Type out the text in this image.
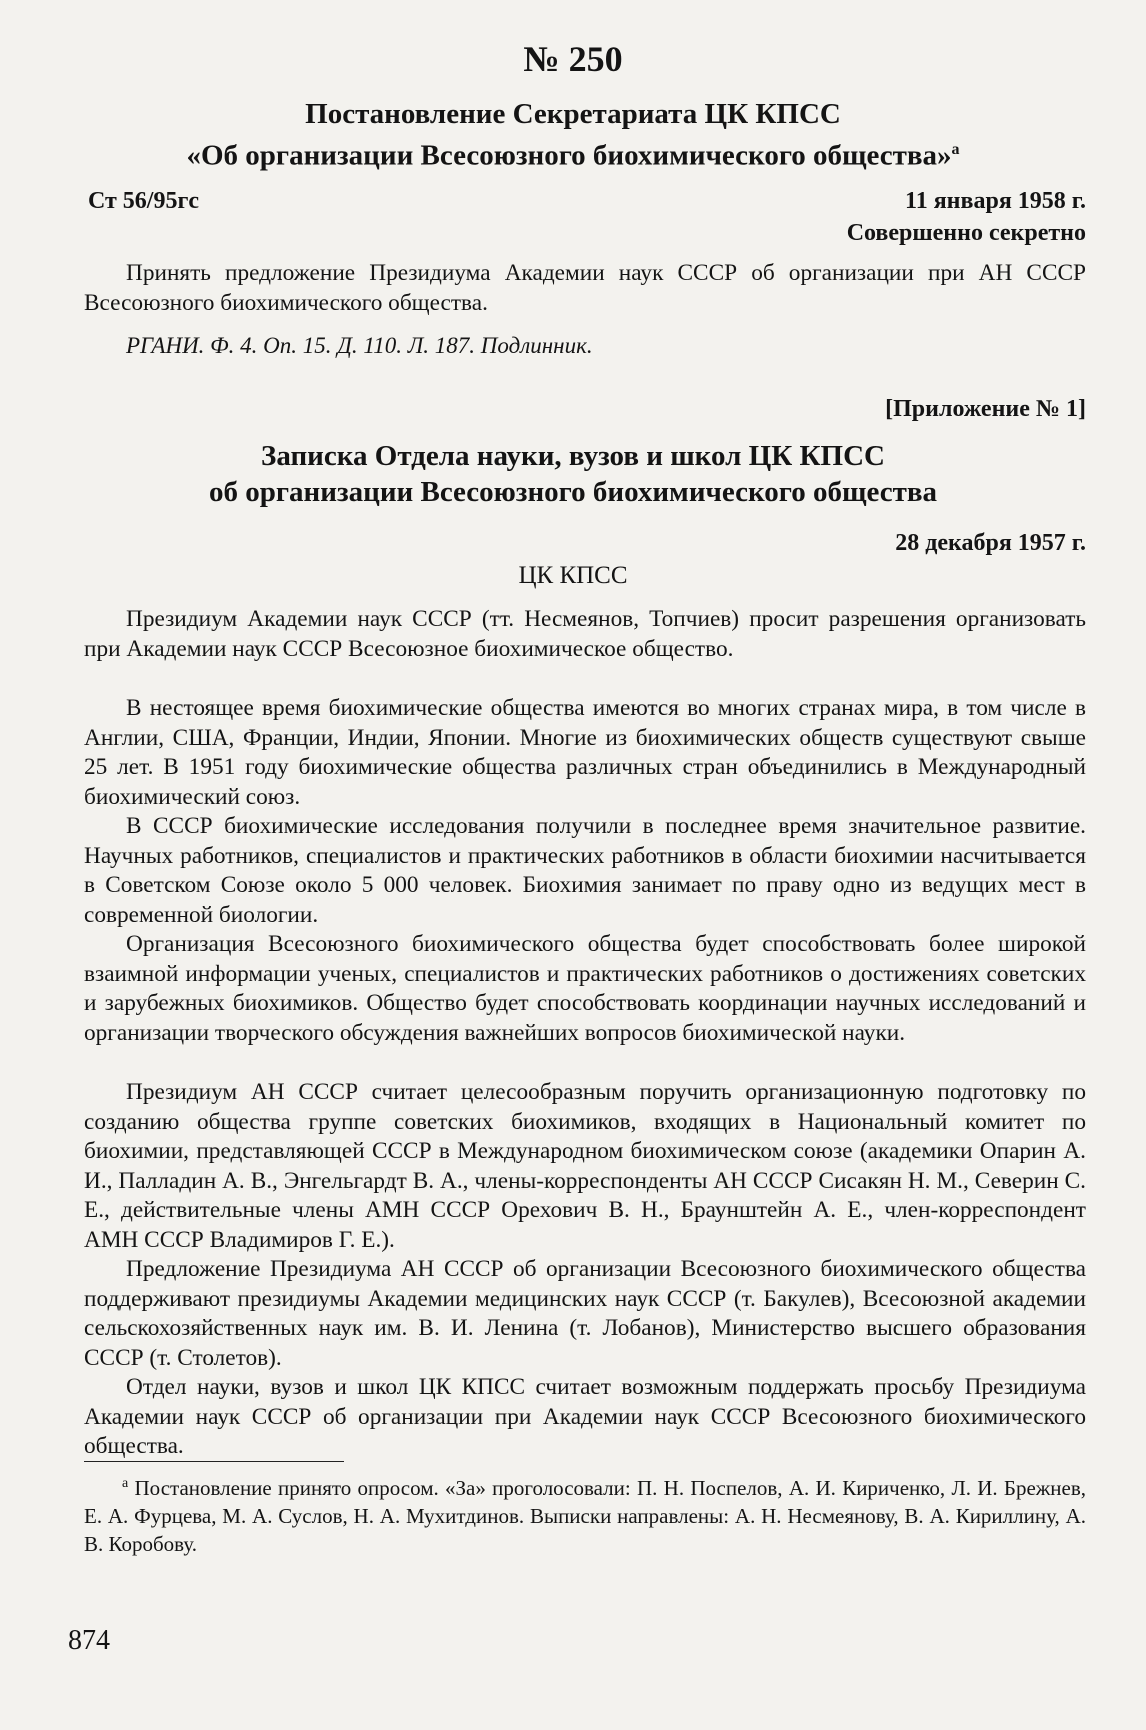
№ 250
Постановление Секретариата ЦК КПСС
«Об организации Всесоюзного биохимического общества»$^а$
Ст 56/95гс	11 января 1958 г.
Совершенно секретно

Принять предложение Президиума Академии наук СССР об организации при АН СССР Всесоюзного биохимического общества.

РГАНИ. Ф. 4. Оп. 15. Д. 110. Л. 187. Подлинник.
[Приложение № 1]
Записка Отдела науки, вузов и школ ЦК КПСС
об организации Всесоюзного биохимического общества
28 декабря 1957 г.
ЦК КПСС

Президиум Академии наук СССР (тт. Несмеянов, Топчиев) просит разрешения организовать при Академии наук СССР Всесоюзное биохимическое общество.

В нестоящее время биохимические общества имеются во многих странах мира, в том числе в Англии, США, Франции, Индии, Японии. Многие из биохимических обществ существуют свыше 25 лет. В 1951 году биохимические общества различных стран объединились в Международный биохимический союз.

В СССР биохимические исследования получили в последнее время значительное развитие. Научных работников, специалистов и практических работников в области биохимии насчитывается в Советском Союзе около 5 000 человек. Биохимия занимает по праву одно из ведущих мест в современной биологии.

Организация Всесоюзного биохимического общества будет способствовать более широкой взаимной информации ученых, специалистов и практических работников о достижениях советских и зарубежных биохимиков. Общество будет способствовать координации научных исследований и организации творческого обсуждения важнейших вопросов биохимической науки.

Президиум АН СССР считает целесообразным поручить организационную подготовку по созданию общества группе советских биохимиков, входящих в Национальный комитет по биохимии, представляющей СССР в Международном биохимическом союзе (академики Опарин А. И., Палладин А. В., Энгельгардт В. А., члены-корреспонденты АН СССР Сисакян Н. М., Северин С. Е., действительные члены АМН СССР Орехович В. Н., Браунштейн А. Е., член-корреспондент АМН СССР Владимиров Г. Е.).

Предложение Президиума АН СССР об организации Всесоюзного биохимического общества поддерживают президиумы Академии медицинских наук СССР (т. Бакулев), Всесоюзной академии сельскохозяйственных наук им. В. И. Ленина (т. Лобанов), Министерство высшего образования СССР (т. Столетов).

Отдел науки, вузов и школ ЦК КПСС считает возможным поддержать просьбу Президиума Академии наук СССР об организации при Академии наук СССР Всесоюзного биохимического общества.

$^а$ Постановление принято опросом. «За» проголосовали: П. Н. Поспелов, А. И. Кириченко, Л. И. Брежнев, Е. А. Фурцева, М. А. Суслов, Н. А. Мухитдинов. Выписки направлены: А. Н. Несмеянову, В. А. Кириллину, А. В. Коробову.

874
